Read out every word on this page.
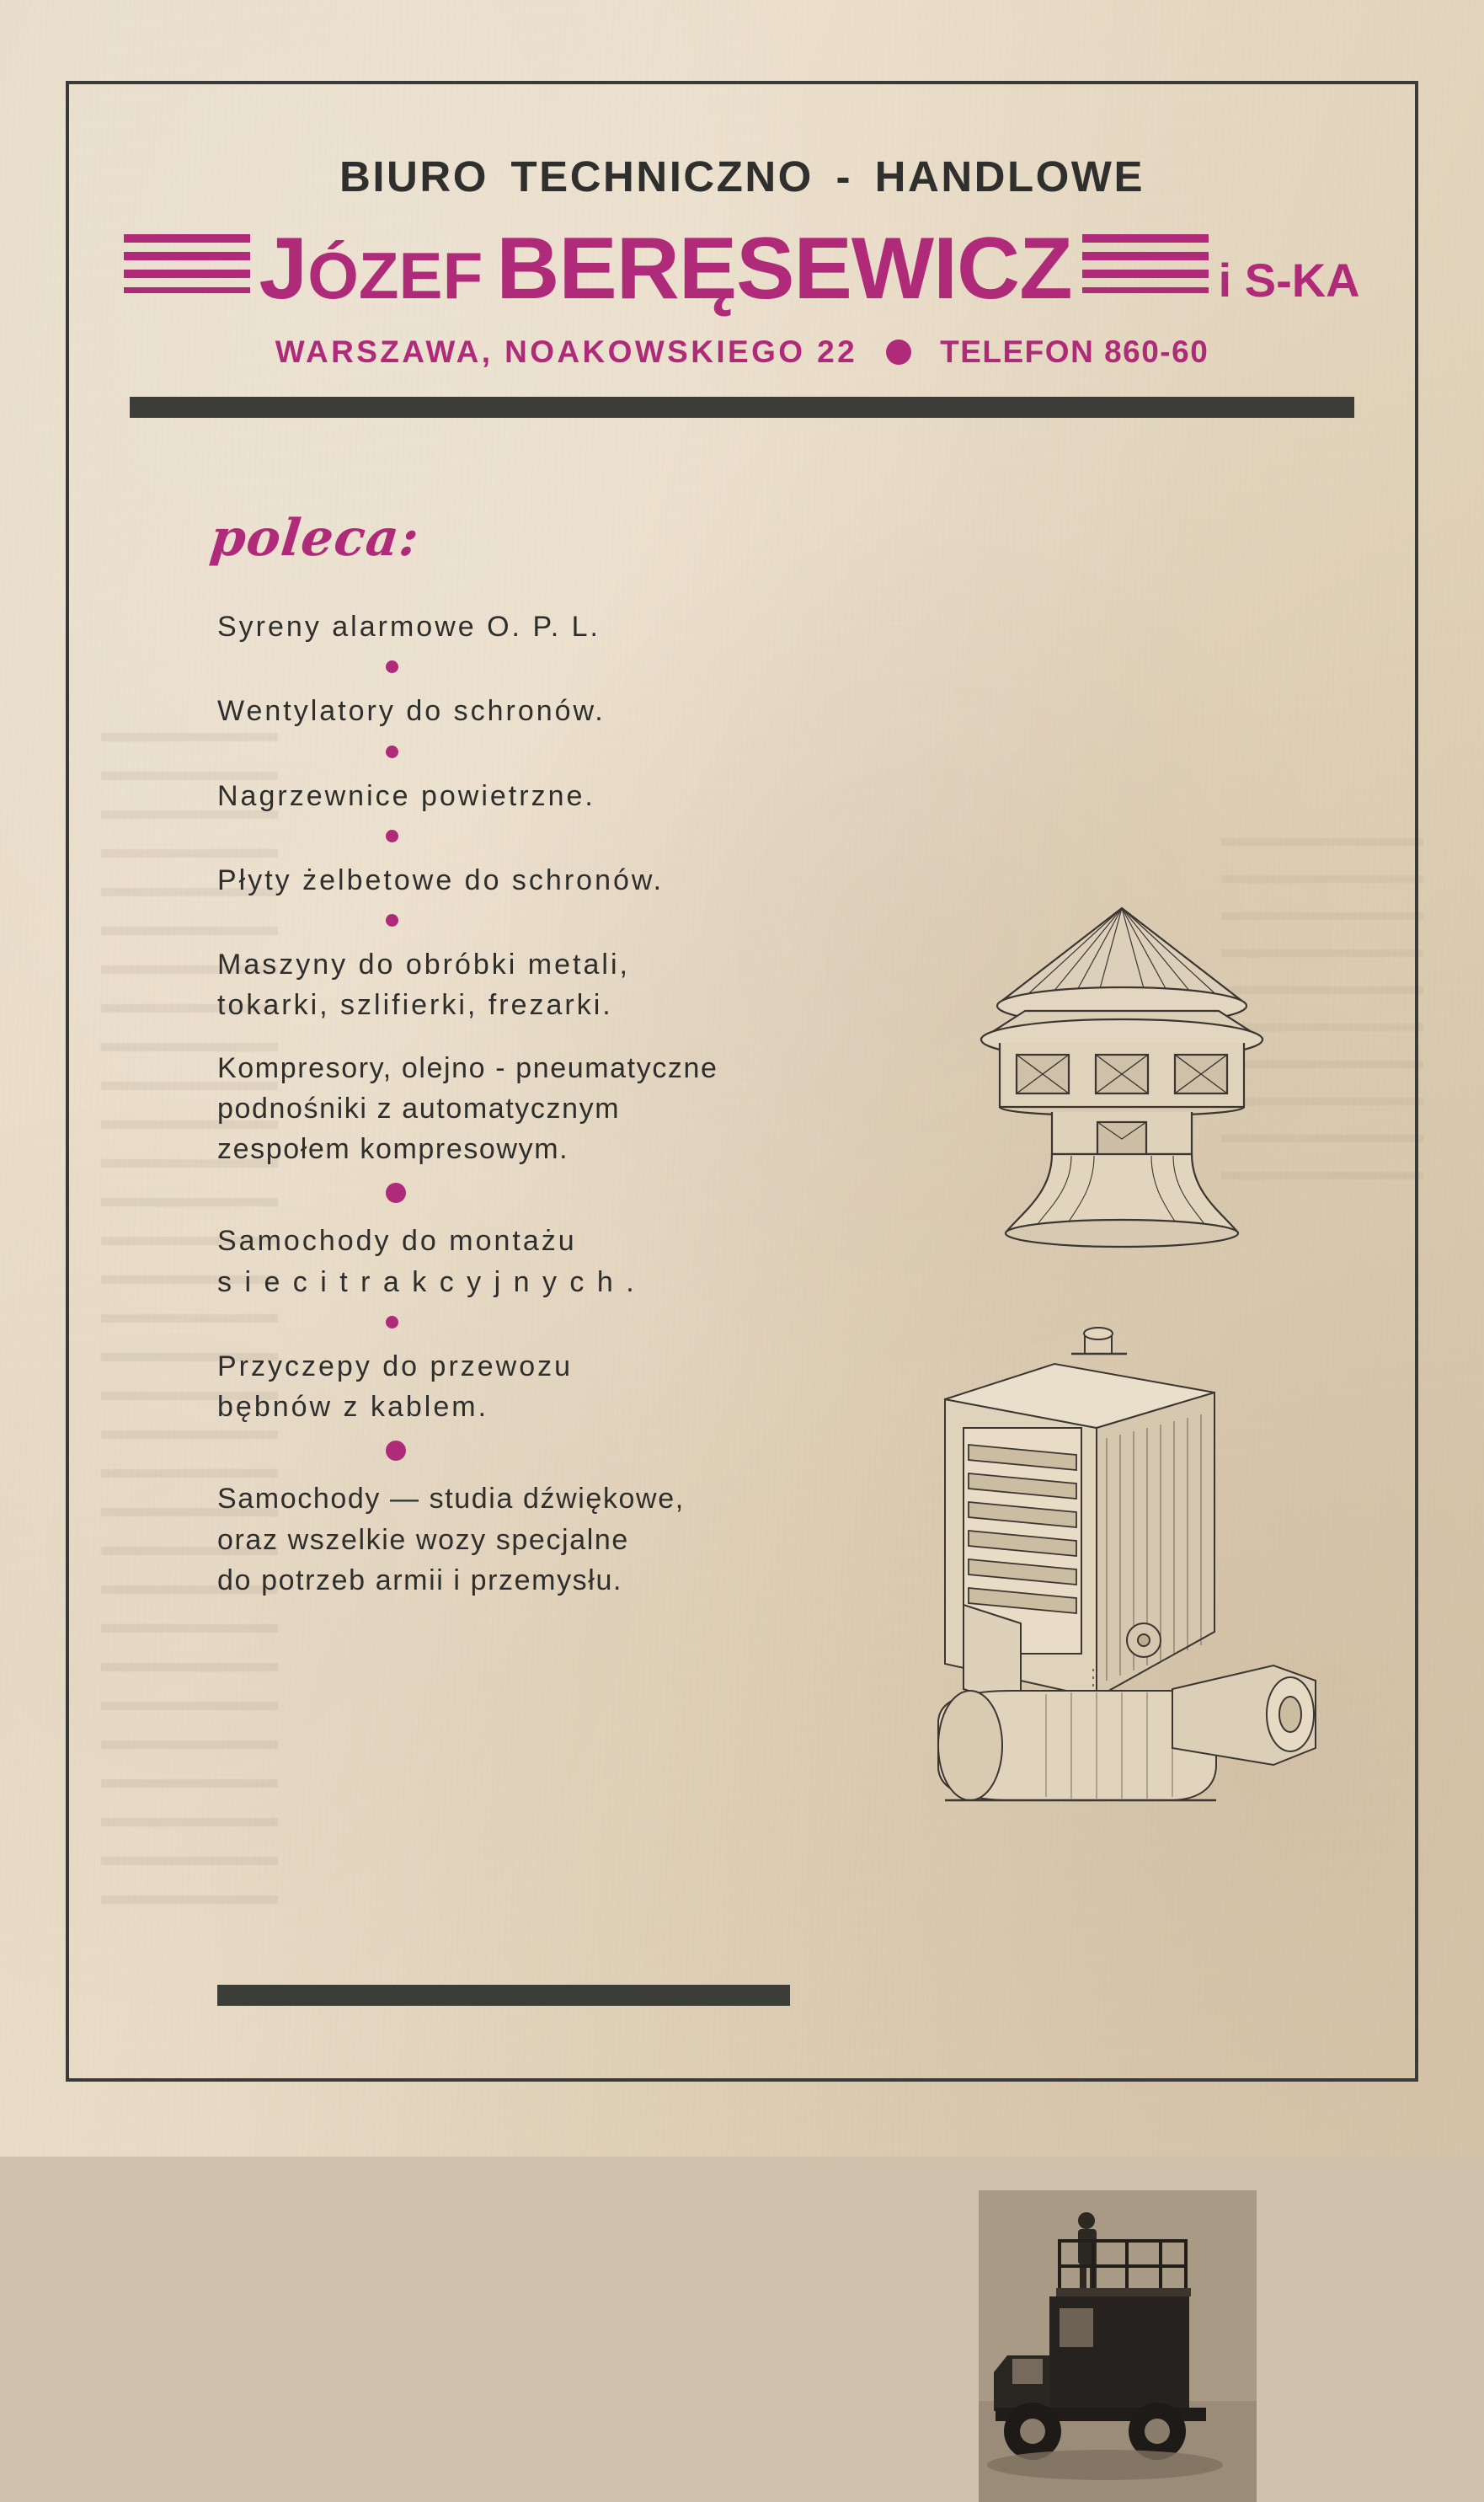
BIURO TECHNICZNO - HANDLOWE
JÓZEF BERĘSEWICZ	i S-KA
WARSZAWA, NOAKOWSKIEGO 22	TELEFON 860-60
poleca:
Syreny alarmowe O. P. L.
Wentylatory do schronów.
Nagrzewnice powietrzne.
Płyty żelbetowe do schronów.
Maszyny do obróbki metali,
tokarki, szlifierki, frezarki.
Kompresory, olejno - pneumatyczne
podnośniki z automatycznym
zespołem kompresowym.
Samochody do montażu
s i e c i t r a k c y j n y c h .
Przyczepy do przewozu
bębnów z kablem.
Samochody — studia dźwiękowe,
oraz wszelkie wozy specjalne
do potrzeb armii i przemysłu.
